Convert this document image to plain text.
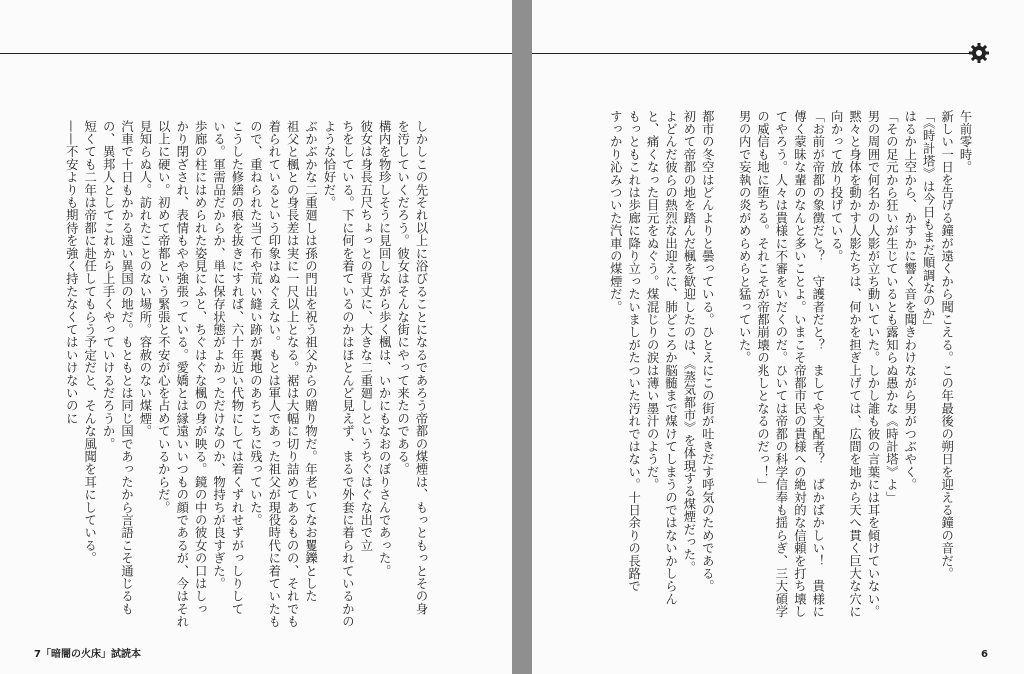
しかしこの先それ以上に浴びることになるであろう帝都の煤煙は、もっともっとその身
を汚していくだろう。彼女はそんな街にやって来たのである。
構内を物珍しそうに見回しながら歩く楓は、いかにもなおのぼりさんであった。
彼女は身長五尺ちょっとの背丈に、大きな二重廻しというちぐはぐな出で立
ちをしている。下に何を着ているのかはほとんど見えず、まるで外套に着られているかの
ような恰好だ。
ぶかぶかな二重廻しは孫の門出を祝う祖父からの贈り物だ。年老いてなお矍鑠とした
祖父と楓との身長差は実に一尺以上となる。裾は大幅に切り詰めてあるものの、それでも
着られているという印象はぬぐえない。もとは軍人であった祖父が現役時代に着ていたも
ので、重ねられた当て布や荒い縫い跡が裏地のあちこちに残っていた。
こうした修繕の痕を抜きにすれば、六十年近い代物にしては着くずれせずがっしりして
いる。軍需品だからか、単に保存状態がよかっただけなのか、物持ちが良すぎた。
歩廊の柱にはめられた姿見にふと、ちぐはぐな楓の身が映る。鏡の中の彼女の口はしっ
かり閉ざされ、表情もやや強張っている。愛嬌とは縁遠いいつもの顔であるが、今はそれ
以上に硬い。初めて帝都という緊張と不安が心を占めているからだ。
見知らぬ人。訪れたことのない場所。容赦のない煤煙。
汽車で十日もかかる遠い異国の地だ。もともとは同じ国であったから言語こそ通じるも
の、異邦人としてこれから上手くやっていけるだろうか。
短くても二年は帝都に赴任してもらう予定だと、そんな風聞を耳にしている。
——不安よりも期待を強く持たなくてはいけないのに
7「暗闇の火床」試読本
午前零時。
新しい一日を告げる鐘が遠くから聞こえる。この年最後の朔日を迎える鐘の音だ。
「《時計塔》は今日もまだ順調なのか」
はるか上空から、かすかに響く音を聞きわけながら男がつぶやく。
「その足元から狂いが生じているとも露知らぬ愚かな《時計塔》よ」
男の周囲で何名かの人影が立ち動いていた。しかし誰も彼の言葉には耳を傾けていない。
黙々と身体を動かす人影たちは、何かを担ぎ上げては、広間を地から天へ貫く巨大な穴に
向かって放り投げている。
「お前が帝都の象徴だと？　守護者だと？　ましてや支配者？　ばかばかしい！　貴様に
傅く蒙昧な輩のなんと多いことよ。いまこそ帝都市民の貴様への絶対的な信頼を打ち壊し
てやろう。人々は貴様に不審をいだくのだ。ひいては帝都の科学信奉も揺らぎ、三大碩学
の威信も地に堕ちる。それこそが帝都崩壊の兆しとなるのだっ！」
男の内で妄執の炎がめらめらと猛っていた。

都市の冬空はどんよりと曇っている。ひとえにこの街が吐きだす呼気のためである。
初めて帝都の地を踏んだ楓を歓迎したのは、《蒸気都市》を体現する煤煙だった。
よどんだ彼らの熱烈な出迎えに、肺どころか脳髄まで煤けてしまうのではないかしらん
と、痛くなった目元をぬぐう。煤混じりの涙は薄い墨汁のようだ。
もっともこれは歩廊に降り立ったいましがたついた汚れではない。十日余りの長路で
すっかり沁みついた汽車の煤煙だ。
6
